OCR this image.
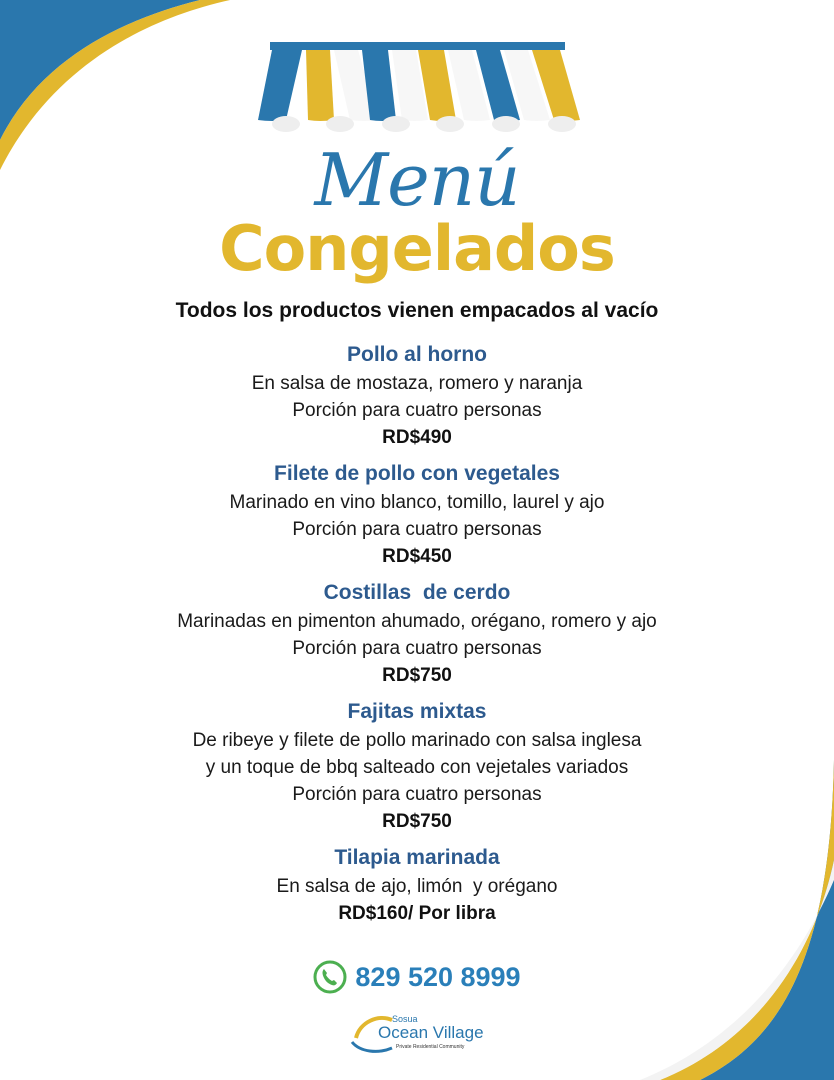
Menú
Congelados
Todos los productos vienen empacados al vacío
Pollo al horno
En salsa de mostaza, romero y naranja
Porción para cuatro personas
RD$490
Filete de pollo con vegetales
Marinado en vino blanco, tomillo, laurel y ajo
Porción para cuatro personas
RD$450
Costillas  de cerdo
Marinadas en pimenton ahumado, orégano, romero y ajo
Porción para cuatro personas
RD$750
Fajitas mixtas
De ribeye y filete de pollo marinado con salsa inglesa
y un toque de bbq salteado con vejetales variados
Porción para cuatro personas
RD$750
Tilapia marinada
En salsa de ajo, limón  y orégano
RD$160/ Por libra
829 520 8999
Sosua
Ocean Village
Private Residential Community
